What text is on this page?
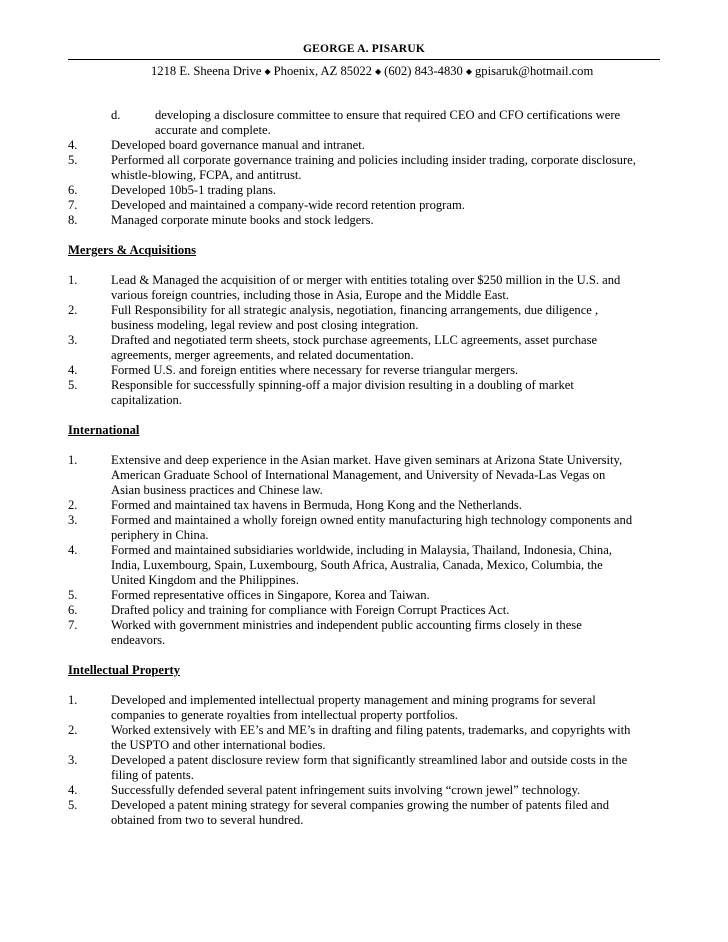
GEORGE A. PISARUK
1218 E. Sheena Drive ◆ Phoenix, AZ 85022 ◆ (602) 843-4830 ◆ gpisaruk@hotmail.com
d.	developing a disclosure committee to ensure that required CEO and CFO certifications were
accurate and complete.
4.	Developed board governance manual and intranet.
5.	Performed all corporate governance training and policies including insider trading, corporate disclosure,
whistle-blowing, FCPA, and antitrust.
6.	Developed 10b5-1 trading plans.
7.	Developed and maintained a company-wide record retention program.
8.	Managed corporate minute books and stock ledgers.
Mergers & Acquisitions
1.	Lead & Managed the acquisition of or merger with entities totaling over $250 million in the U.S. and
various foreign countries, including those in Asia, Europe and the Middle East.
2.	Full Responsibility for all strategic analysis, negotiation, financing arrangements, due diligence ,
business modeling, legal review and post closing integration.
3.	Drafted and negotiated term sheets, stock purchase agreements, LLC agreements, asset purchase
agreements, merger agreements, and related documentation.
4.	Formed U.S. and foreign entities where necessary for reverse triangular mergers.
5.	Responsible for successfully spinning-off a major division resulting in a doubling of market
capitalization.
International
1.	Extensive and deep experience in the Asian market. Have given seminars at Arizona State University,
American Graduate School of International Management, and University of Nevada-Las Vegas on
Asian business practices and Chinese law.
2.	Formed and maintained tax havens in Bermuda, Hong Kong and the Netherlands.
3.	Formed and maintained a wholly foreign owned entity manufacturing high technology components and
periphery in China.
4.	Formed and maintained subsidiaries worldwide, including in Malaysia, Thailand, Indonesia, China,
India, Luxembourg, Spain, Luxembourg, South Africa, Australia, Canada, Mexico, Columbia, the
United Kingdom and the Philippines.
5.	Formed representative offices in Singapore, Korea and Taiwan.
6.	Drafted policy and training for compliance with Foreign Corrupt Practices Act.
7.	Worked with government ministries and independent public accounting firms closely in these
endeavors.
Intellectual Property
1.	Developed and implemented intellectual property management and mining programs for several
companies to generate royalties from intellectual property portfolios.
2.	Worked extensively with EE’s and ME’s in drafting and filing patents, trademarks, and copyrights with
the USPTO and other international bodies.
3.	Developed a patent disclosure review form that significantly streamlined labor and outside costs in the
filing of patents.
4.	Successfully defended several patent infringement suits involving “crown jewel” technology.
5.	Developed a patent mining strategy for several companies growing the number of patents filed and
obtained from two to several hundred.
